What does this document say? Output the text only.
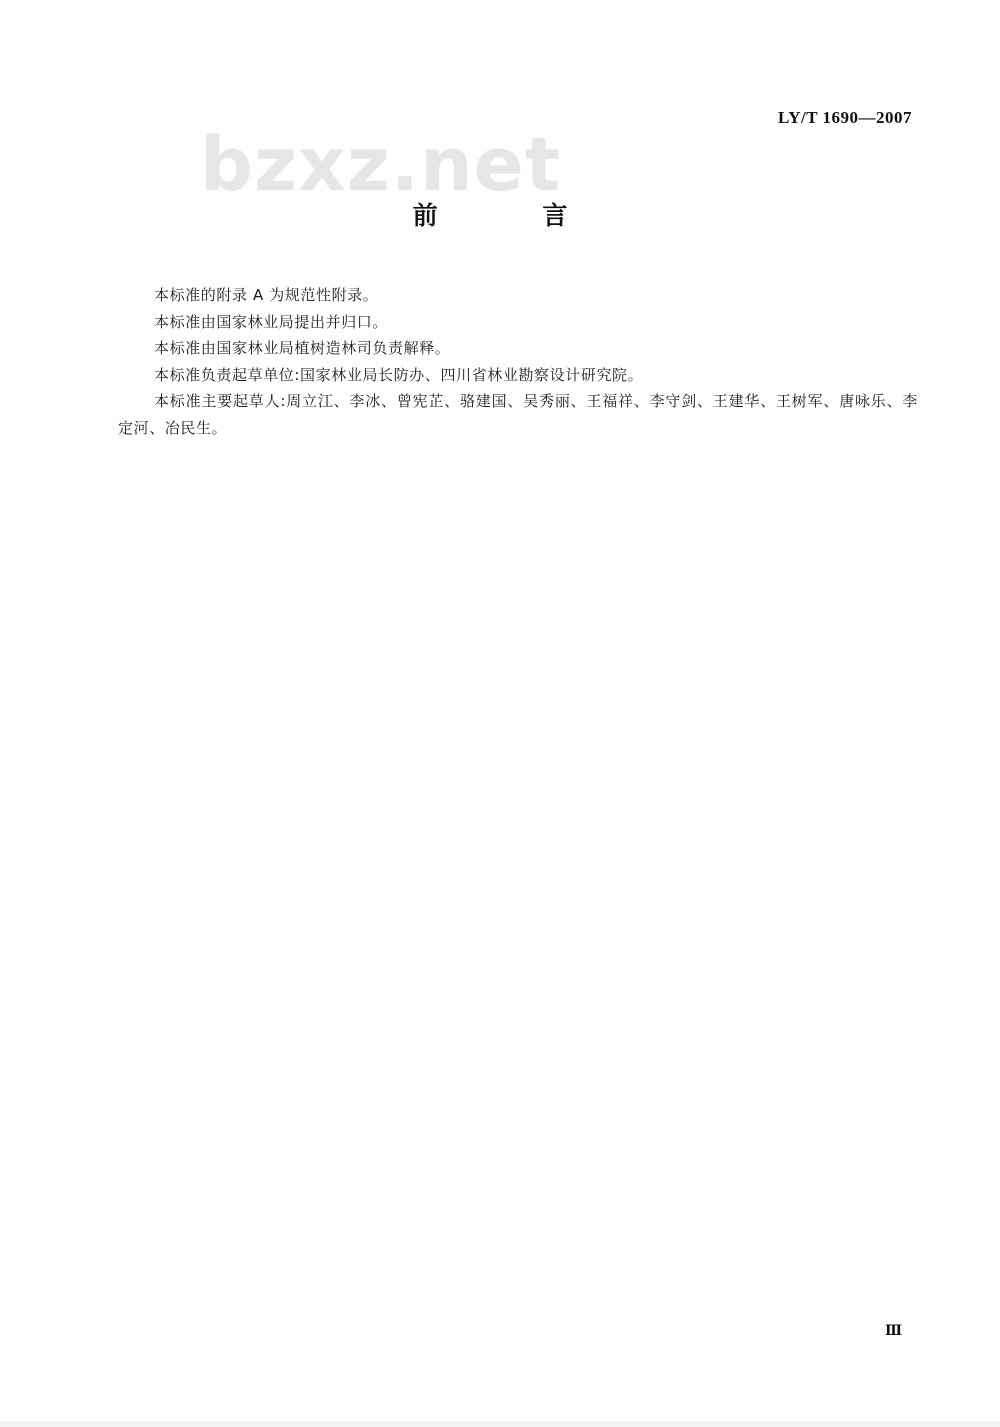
LY/T 1690—2007
bzxz.net
前 言

本标准的附录 A 为规范性附录。

本标准由国家林业局提出并归口。

本标准由国家林业局植树造林司负责解释。

本标准负责起草单位:国家林业局长防办、四川省林业勘察设计研究院。

本标准主要起草人:周立江、李冰、曾宪芷、骆建国、吴秀丽、王福祥、李守剑、王建华、王树军、唐咏乐、李定河、冶民生。

Ⅲ
